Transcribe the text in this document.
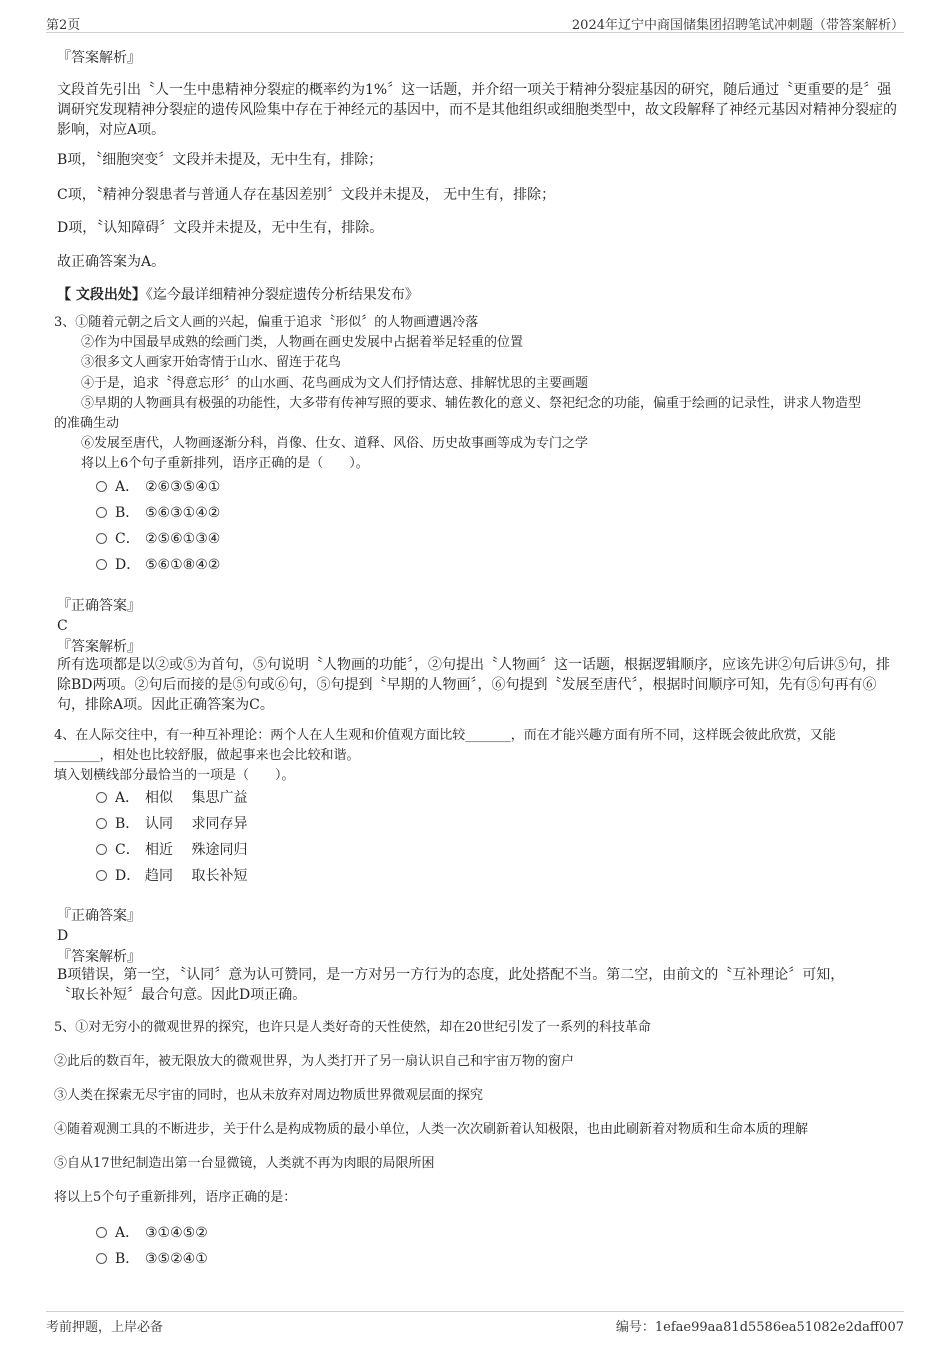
第2页	2024年辽宁中商国储集团招聘笔试冲刺题（带答案解析）
『答案解析』
文段首先引出〝人一生中患精神分裂症的概率约为1%〞这一话题，并介绍一项关于精神分裂症基因的研究，随后通过〝更重要的是〞强调研究发现精神分裂症的遗传风险集中存在于神经元的基因中，而不是其他组织或细胞类型中，故文段解释了神经元基因对精神分裂症的影响，对应A项。
B项，〝细胞突变〞文段并未提及，无中生有，排除；
C项，〝精神分裂患者与普通人存在基因差别〞文段并未提及， 无中生有，排除；
D项，〝认知障碍〞文段并未提及，无中生有，排除。
故正确答案为A。
【 文段出处】《迄今最详细精神分裂症遗传分析结果发布》
3、①随着元朝之后文人画的兴起，偏重于追求〝形似〞的人物画遭遇冷落
②作为中国最早成熟的绘画门类，人物画在画史发展中占据着举足轻重的位置
③很多文人画家开始寄情于山水、留连于花鸟
④于是，追求〝得意忘形〞的山水画、花鸟画成为文人们抒情达意、排解忧思的主要画题
⑤早期的人物画具有极强的功能性，大多带有传神写照的要求、辅佐教化的意义、祭祀纪念的功能，偏重于绘画的记录性，讲求人物造型
的准确生动
⑥发展至唐代，人物画逐渐分科，肖像、仕女、道释、风俗、历史故事画等成为专门之学
将以上6个句子重新排列，语序正确的是（　　）。
A． ②⑥③⑤④①
B． ⑤⑥③①④②
C． ②⑤⑥①③④
D． ⑤⑥①⑧④②
『正确答案』
C
『答案解析』
所有选项都是以②或⑤为首句，⑤句说明〝人物画的功能〞，②句提出〝人物画〞这一话题，根据逻辑顺序，应该先讲②句后讲⑤句，排除BD两项。②句后而接的是⑤句或⑥句，⑤句提到〝早期的人物画〞，⑥句提到〝发展至唐代〞，根据时间顺序可知，先有⑤句再有⑥句，排除A项。因此正确答案为C。
4、在人际交往中，有一种互补理论：两个人在人生观和价值观方面比较_______，而在才能兴趣方面有所不同，这样既会彼此欣赏，又能
_______，相处也比较舒服，做起事来也会比较和谐。
填入划横线部分最恰当的一项是（　　）。
A． 相似　 集思广益
B． 认同　 求同存异
C． 相近　 殊途同归
D． 趋同　 取长补短
『正确答案』
D
『答案解析』
B项错误，第一空，〝认同〞意为认可赞同，是一方对另一方行为的态度，此处搭配不当。第二空，由前文的〝互补理论〞可知，〝取长补短〞最合句意。因此D项正确。
5、①对无穷小的微观世界的探究，也许只是人类好奇的天性使然，却在20世纪引发了一系列的科技革命
②此后的数百年，被无限放大的微观世界，为人类打开了另一扇认识自己和宇宙万物的窗户
③人类在探索无尽宇宙的同时，也从未放弃对周边物质世界微观层面的探究
④随着观测工具的不断进步，关于什么是构成物质的最小单位，人类一次次刷新着认知极限，也由此刷新着对物质和生命本质的理解
⑤自从17世纪制造出第一台显微镜，人类就不再为肉眼的局限所困
将以上5个句子重新排列，语序正确的是：
A． ③①④⑤②
B． ③⑤②④①
考前押题，上岸必备	编号：1efae99aa81d5586ea51082e2daff007
